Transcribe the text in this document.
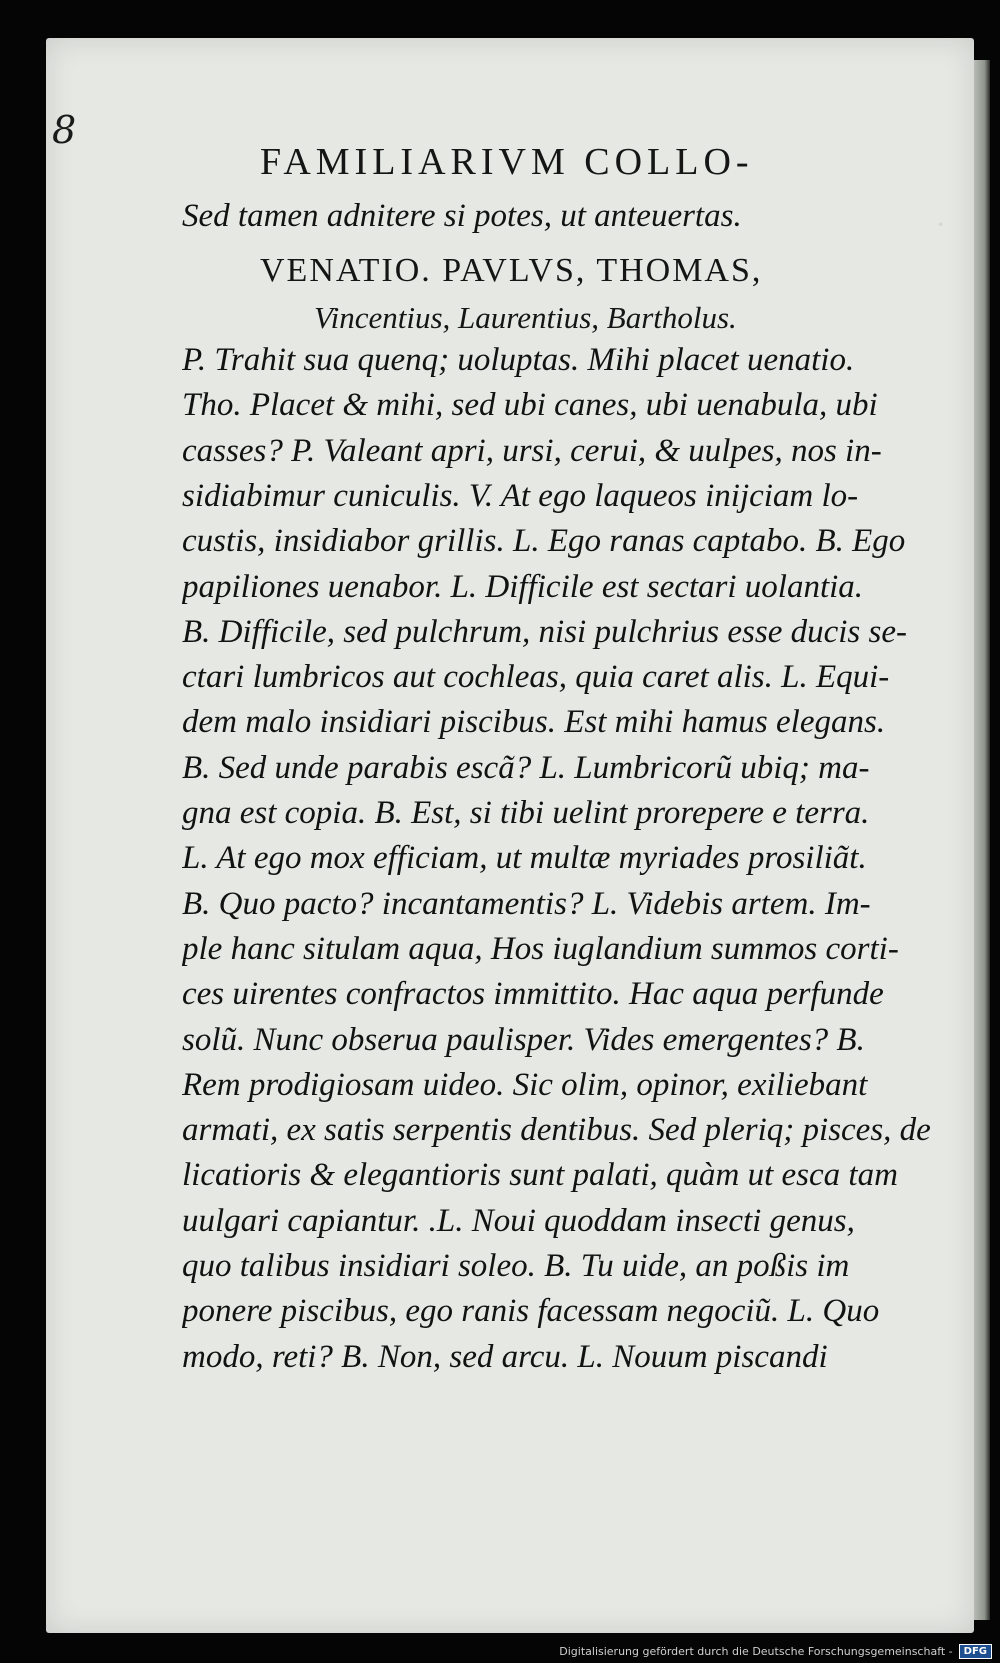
·
8
FAMILIARIVM COLLO-
Sed tamen adnitere si potes, ut anteuertas.
VENATIO. PAVLVS, THOMAS,
Vincentius, Laurentius, Bartholus.
P. Trahit sua quenq; uoluptas. Mihi placet uenatio.
Tho. Placet & mihi, sed ubi canes, ubi uenabula, ubi
casses? P. Valeant apri, ursi, cerui, & uulpes, nos in-
sidiabimur cuniculis. V. At ego laqueos inijciam lo-
custis, insidiabor grillis. L. Ego ranas captabo. B. Ego
papiliones uenabor. L. Difficile est sectari uolantia.
B. Difficile, sed pulchrum, nisi pulchrius esse ducis se-
ctari lumbricos aut cochleas, quia caret alis. L. Equi-
dem malo insidiari piscibus. Est mihi hamus elegans.
B. Sed unde parabis escã? L. Lumbricorũ ubiq; ma-
gna est copia. B. Est, si tibi uelint prorepere e terra.
L. At ego mox efficiam, ut multæ myriades prosiliãt.
B. Quo pacto? incantamentis? L. Videbis artem. Im-
ple hanc situlam aqua, Hos iuglandium summos corti-
ces uirentes confractos immittito. Hac aqua perfunde
solũ. Nunc obserua paulisper. Vides emergentes? B.
Rem prodigiosam uideo. Sic olim, opinor, exiliebant
armati, ex satis serpentis dentibus. Sed pleriq; pisces, de
licatioris & elegantioris sunt palati, quàm ut esca tam
uulgari capiantur. .L. Noui quoddam insecti genus,
quo talibus insidiari soleo. B. Tu uide, an poßis im
ponere piscibus, ego ranis facessam negociũ. L. Quo
modo, reti? B. Non, sed arcu. L. Nouum piscandi
Digitalisierung gefördert durch die Deutsche Forschungsgemeinschaft -	DFG
